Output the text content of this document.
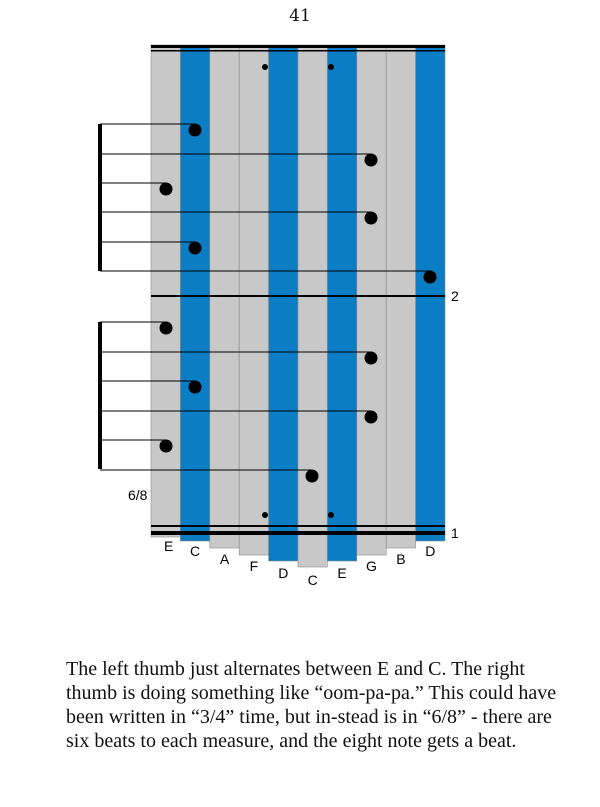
41
2
1
6/8
E C A F D C E G B D

The left thumb just alternates between E and C. The right thumb is doing something like “oom-pa-pa.” This could have been written in “3/4” time, but in-stead is in “6/8” - there are six beats to each measure, and the eight note gets a beat.
